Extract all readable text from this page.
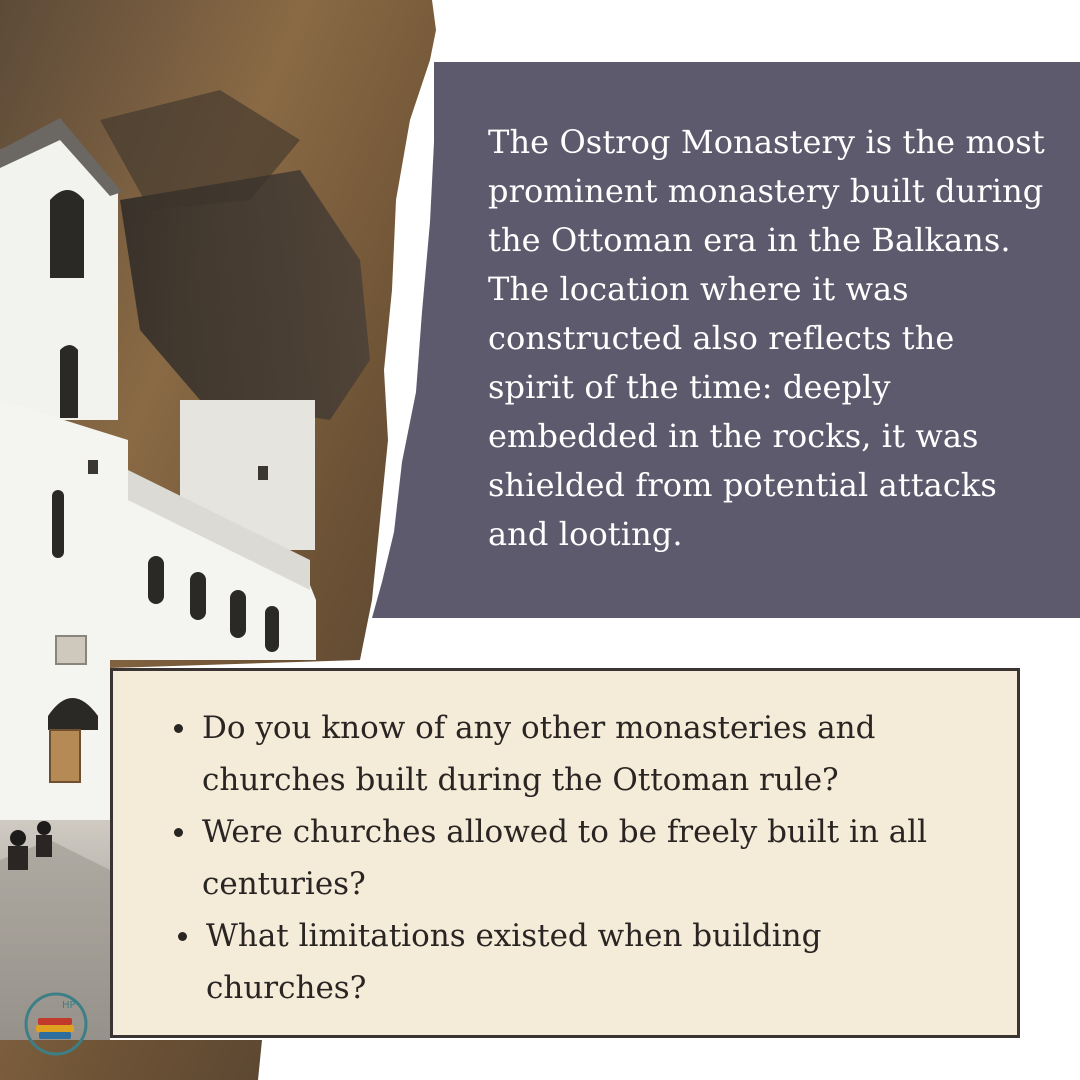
The Ostrog Monastery is the most prominent monastery built during the Ottoman era in the Balkans. The location where it was constructed also reflects the spirit of the time: deeply embedded in the rocks, it was shielded from potential attacks and looting.
Do you know of any other monasteries and churches built during the Ottoman rule?
Were churches allowed to be freely built in all centuries?
What limitations existed when building churches?
HP
